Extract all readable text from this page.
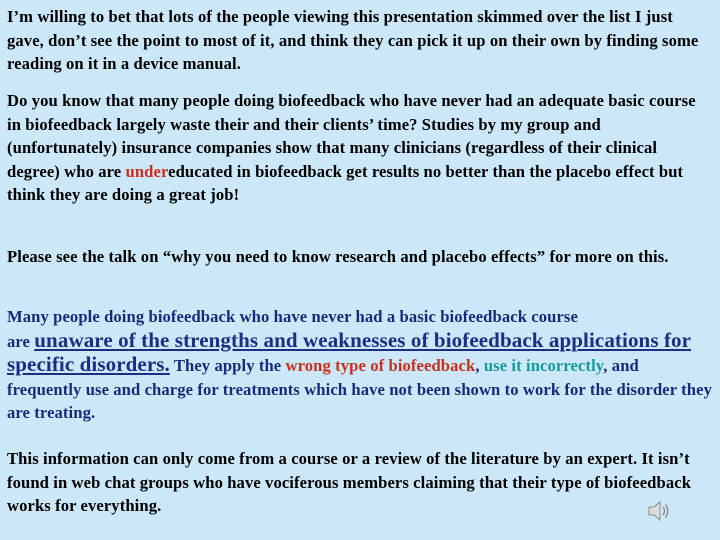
I’m willing to bet that lots of the people viewing this presentation skimmed over the list I just gave, don’t see the point to most of it, and think they can pick it up on their own by finding some reading on it in a device manual.

Do you know that many people doing biofeedback who have never had an adequate basic course in biofeedback largely waste their and their clients’ time? Studies by my group and (unfortunately) insurance companies show that many clinicians (regardless of their clinical degree) who are undereducated in biofeedback get results no better than the placebo effect but think they are doing a great job!

Please see the talk on “why you need to know research and placebo effects” for more on this.

Many people doing biofeedback who have never had a basic biofeedback course
are unaware of the strengths and weaknesses of biofeedback applications for specific disorders. They apply the wrong type of biofeedback, use it incorrectly, and frequently use and charge for treatments which have not been shown to work for the disorder they are treating.

This information can only come from a course or a review of the literature by an expert. It isn’t found in web chat groups who have vociferous members claiming that their type of biofeedback works for everything.
